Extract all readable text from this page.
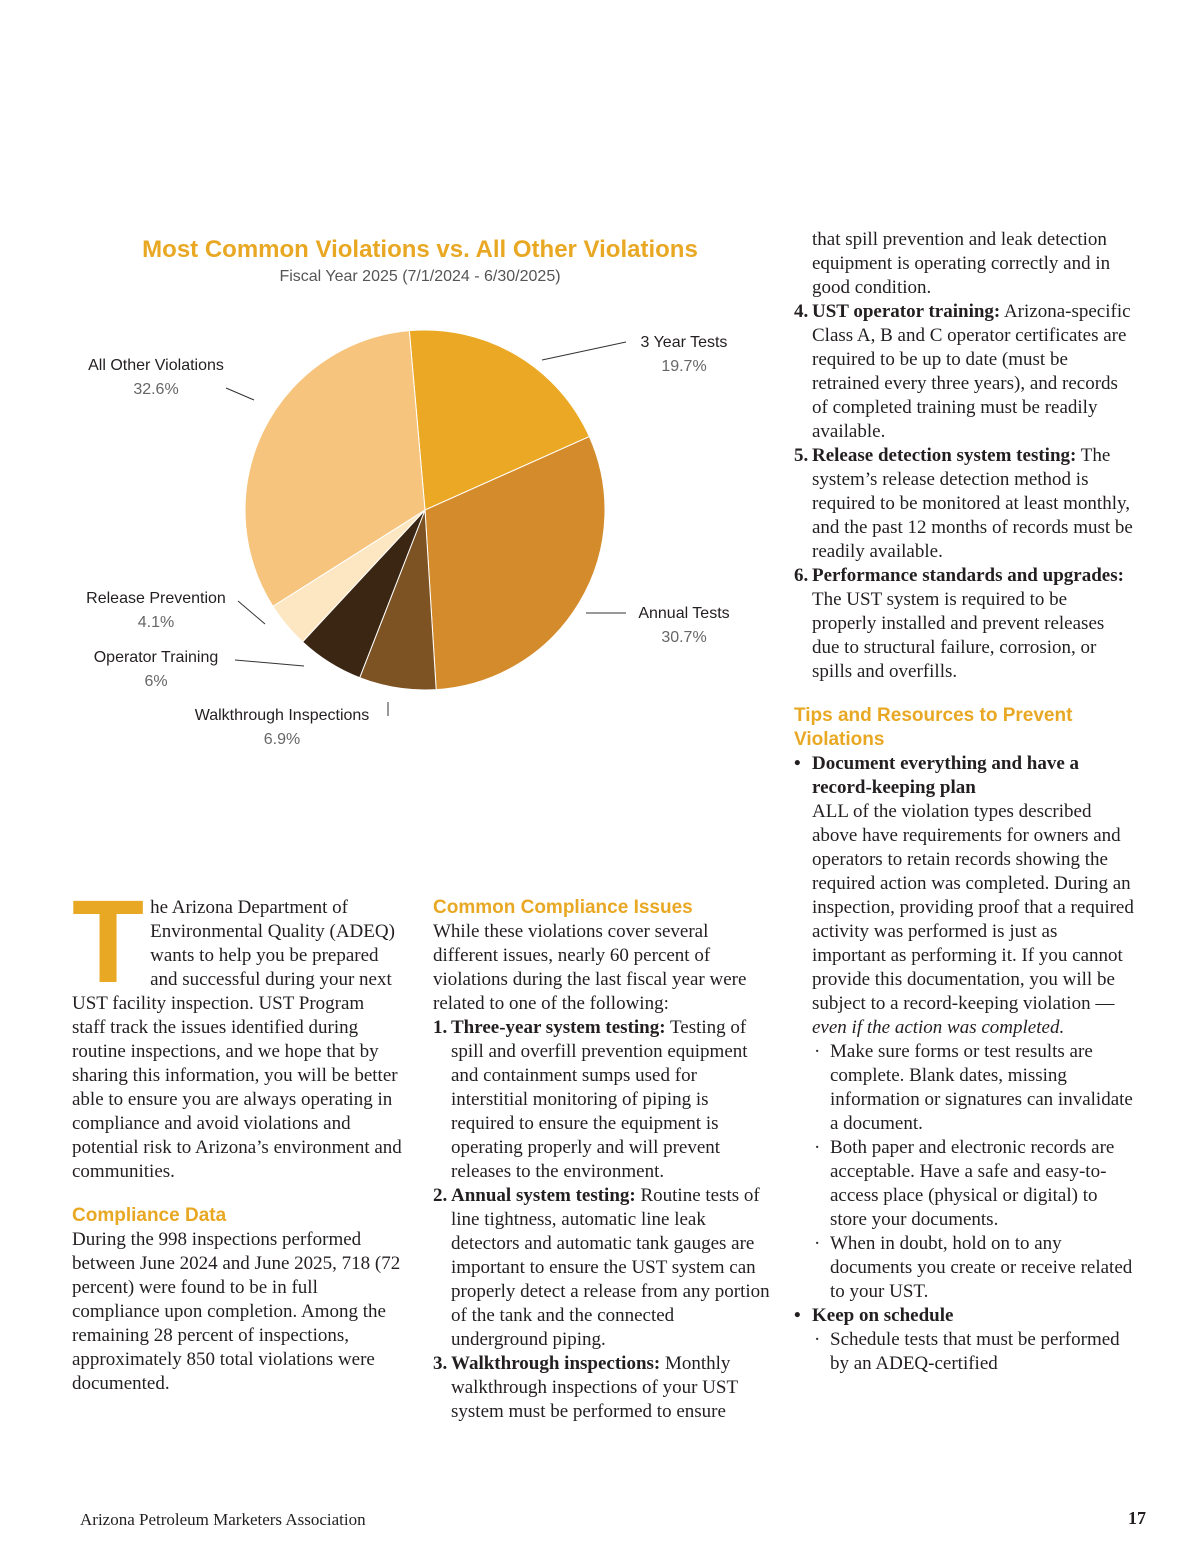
Most Common Violations vs. All Other Violations
Fiscal Year 2025 (7/1/2024 - 6/30/2025)
3 Year Tests
19.7%
Annual Tests
30.7%
Walkthrough Inspections
6.9%
Operator Training
6%
Release Prevention
4.1%
All Other Violations
32.6%
T he Arizona Department of Environmental Quality (ADEQ) wants to help you be prepared and successful during your next UST facility inspection. UST Program staff track the issues identified during routine inspections, and we hope that by sharing this information, you will be better able to ensure you are always operating in compliance and avoid violations and potential risk to Arizona’s environment and communities.

Compliance Data

During the 998 inspections performed between June 2024 and June 2025, 718 (72 percent) were found to be in full compliance upon completion. Among the remaining 28 percent of inspections, approximately 850 total violations were documented.

Common Compliance Issues

While these violations cover several different issues, nearly 60 percent of violations during the last fiscal year were related to one of the following:

1. Three-year system testing: Testing of spill and overfill prevention equipment and containment sumps used for interstitial monitoring of piping is required to ensure the equipment is operating properly and will prevent releases to the environment.
2. Annual system testing: Routine tests of line tightness, automatic line leak detectors and automatic tank gauges are important to ensure the UST system can properly detect a release from any portion of the tank and the connected underground piping.
3. Walkthrough inspections: Monthly walkthrough inspections of your UST system must be performed to ensure

that spill prevention and leak detection equipment is operating correctly and in good condition.

4. UST operator training: Arizona-specific Class A, B and C operator certificates are required to be up to date (must be retrained every three years), and records of completed training must be readily available.
5. Release detection system testing: The system’s release detection method is required to be monitored at least monthly, and the past 12 months of records must be readily available.
6. Performance standards and upgrades: The UST system is required to be properly installed and prevent releases due to structural failure, corrosion, or spills and overfills.
Tips and Resources to Prevent Violations
• Document everything and have a record-keeping plan
ALL of the violation types described above have requirements for owners and operators to retain records showing the required action was completed. During an inspection, providing proof that a required activity was performed is just as important as performing it. If you cannot provide this documentation, you will be subject to a record-keeping violation — even if the action was completed.
· Make sure forms or test results are complete. Blank dates, missing information or signatures can invalidate a document.
· Both paper and electronic records are acceptable. Have a safe and easy-to-access place (physical or digital) to store your documents.
· When in doubt, hold on to any documents you create or receive related to your UST.
• Keep on schedule
· Schedule tests that must be performed by an ADEQ-certified
Arizona Petroleum Marketers Association	17
